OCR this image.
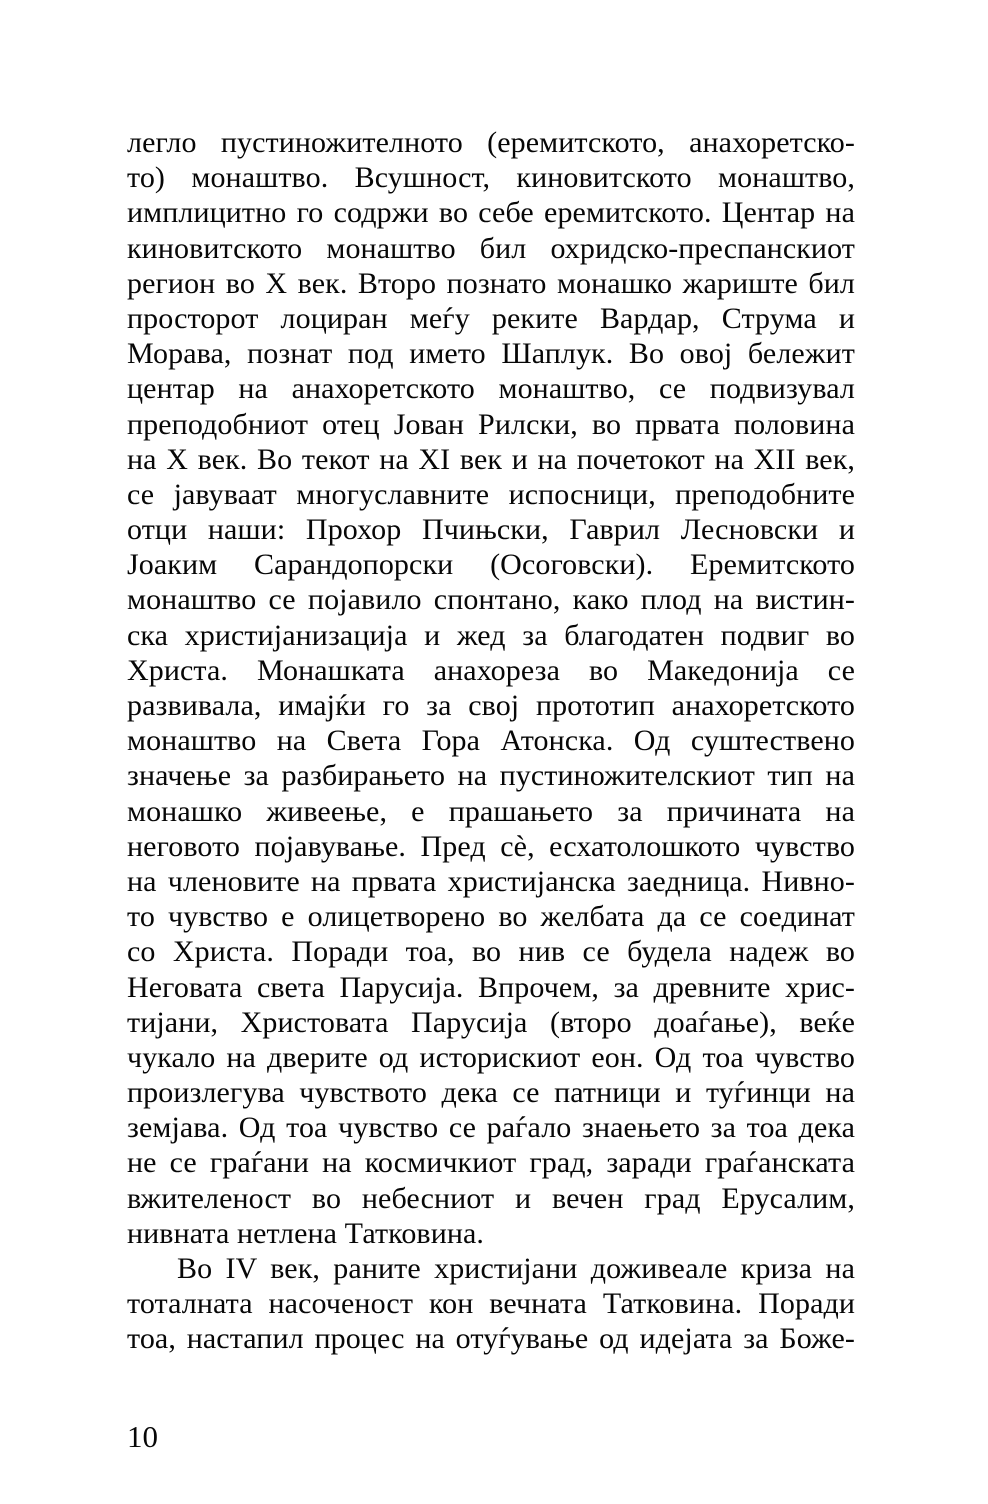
легло пустиножителното (еремитското, анахоретско-
то) монаштво. Всушност, киновитското монаштво,
имплицитно го содржи во себе еремитското. Центар на
киновитското монаштво бил охридско-преспанскиот
регион во X век. Второ познато монашко жариште бил
просторот лоциран меѓу реките Вардар, Струма и
Морава, познат под името Шаплук. Во овој бележит
центар на анахоретското монаштво, се подвизувал
преподобниот отец Јован Рилски, во првата половина
на X век. Во текот на XI век и на почетокот на XII век,
се јавуваат многуславните испосници, преподобните
отци наши: Прохор Пчињски, Гаврил Лесновски и
Јоаким Сарандопорски (Осоговски). Еремитското
монаштво се појавило спонтано, како плод на вистин-
ска христијанизација и жед за благодатен подвиг во
Христа. Монашката анахореза во Македонија се
развивала, имајќи го за свој прототип анахоретското
монаштво на Света Гора Атонска. Од суштествено
значење за разбирањето на пустиножителскиот тип на
монашко живеење, е прашањето за причината на
неговото појавување. Пред сѐ, есхатолошкото чувство
на членовите на првата христијанска заедница. Нивно-
то чувство е олицетворено во желбата да се соединат
со Христа. Поради тоа, во нив се будела надеж во
Неговата света Парусија. Впрочем, за древните хрис-
тијани, Христовата Парусија (второ доаѓање), веќе
чукало на дверите од историскиот еон. Од тоа чувство
произлегува чувството дека се патници и туѓинци на
земјава. Од тоа чувство се раѓало знаењето за тоа дека
не се граѓани на космичкиот град, заради граѓанската
вжителеност во небесниот и вечен град Ерусалим,
нивната нетлена Татковина.
Во IV век, раните христијани доживеале криза на
тоталната насоченост кон вечната Татковина. Поради
тоа, настапил процес на отуѓување од идејата за Боже-
10
